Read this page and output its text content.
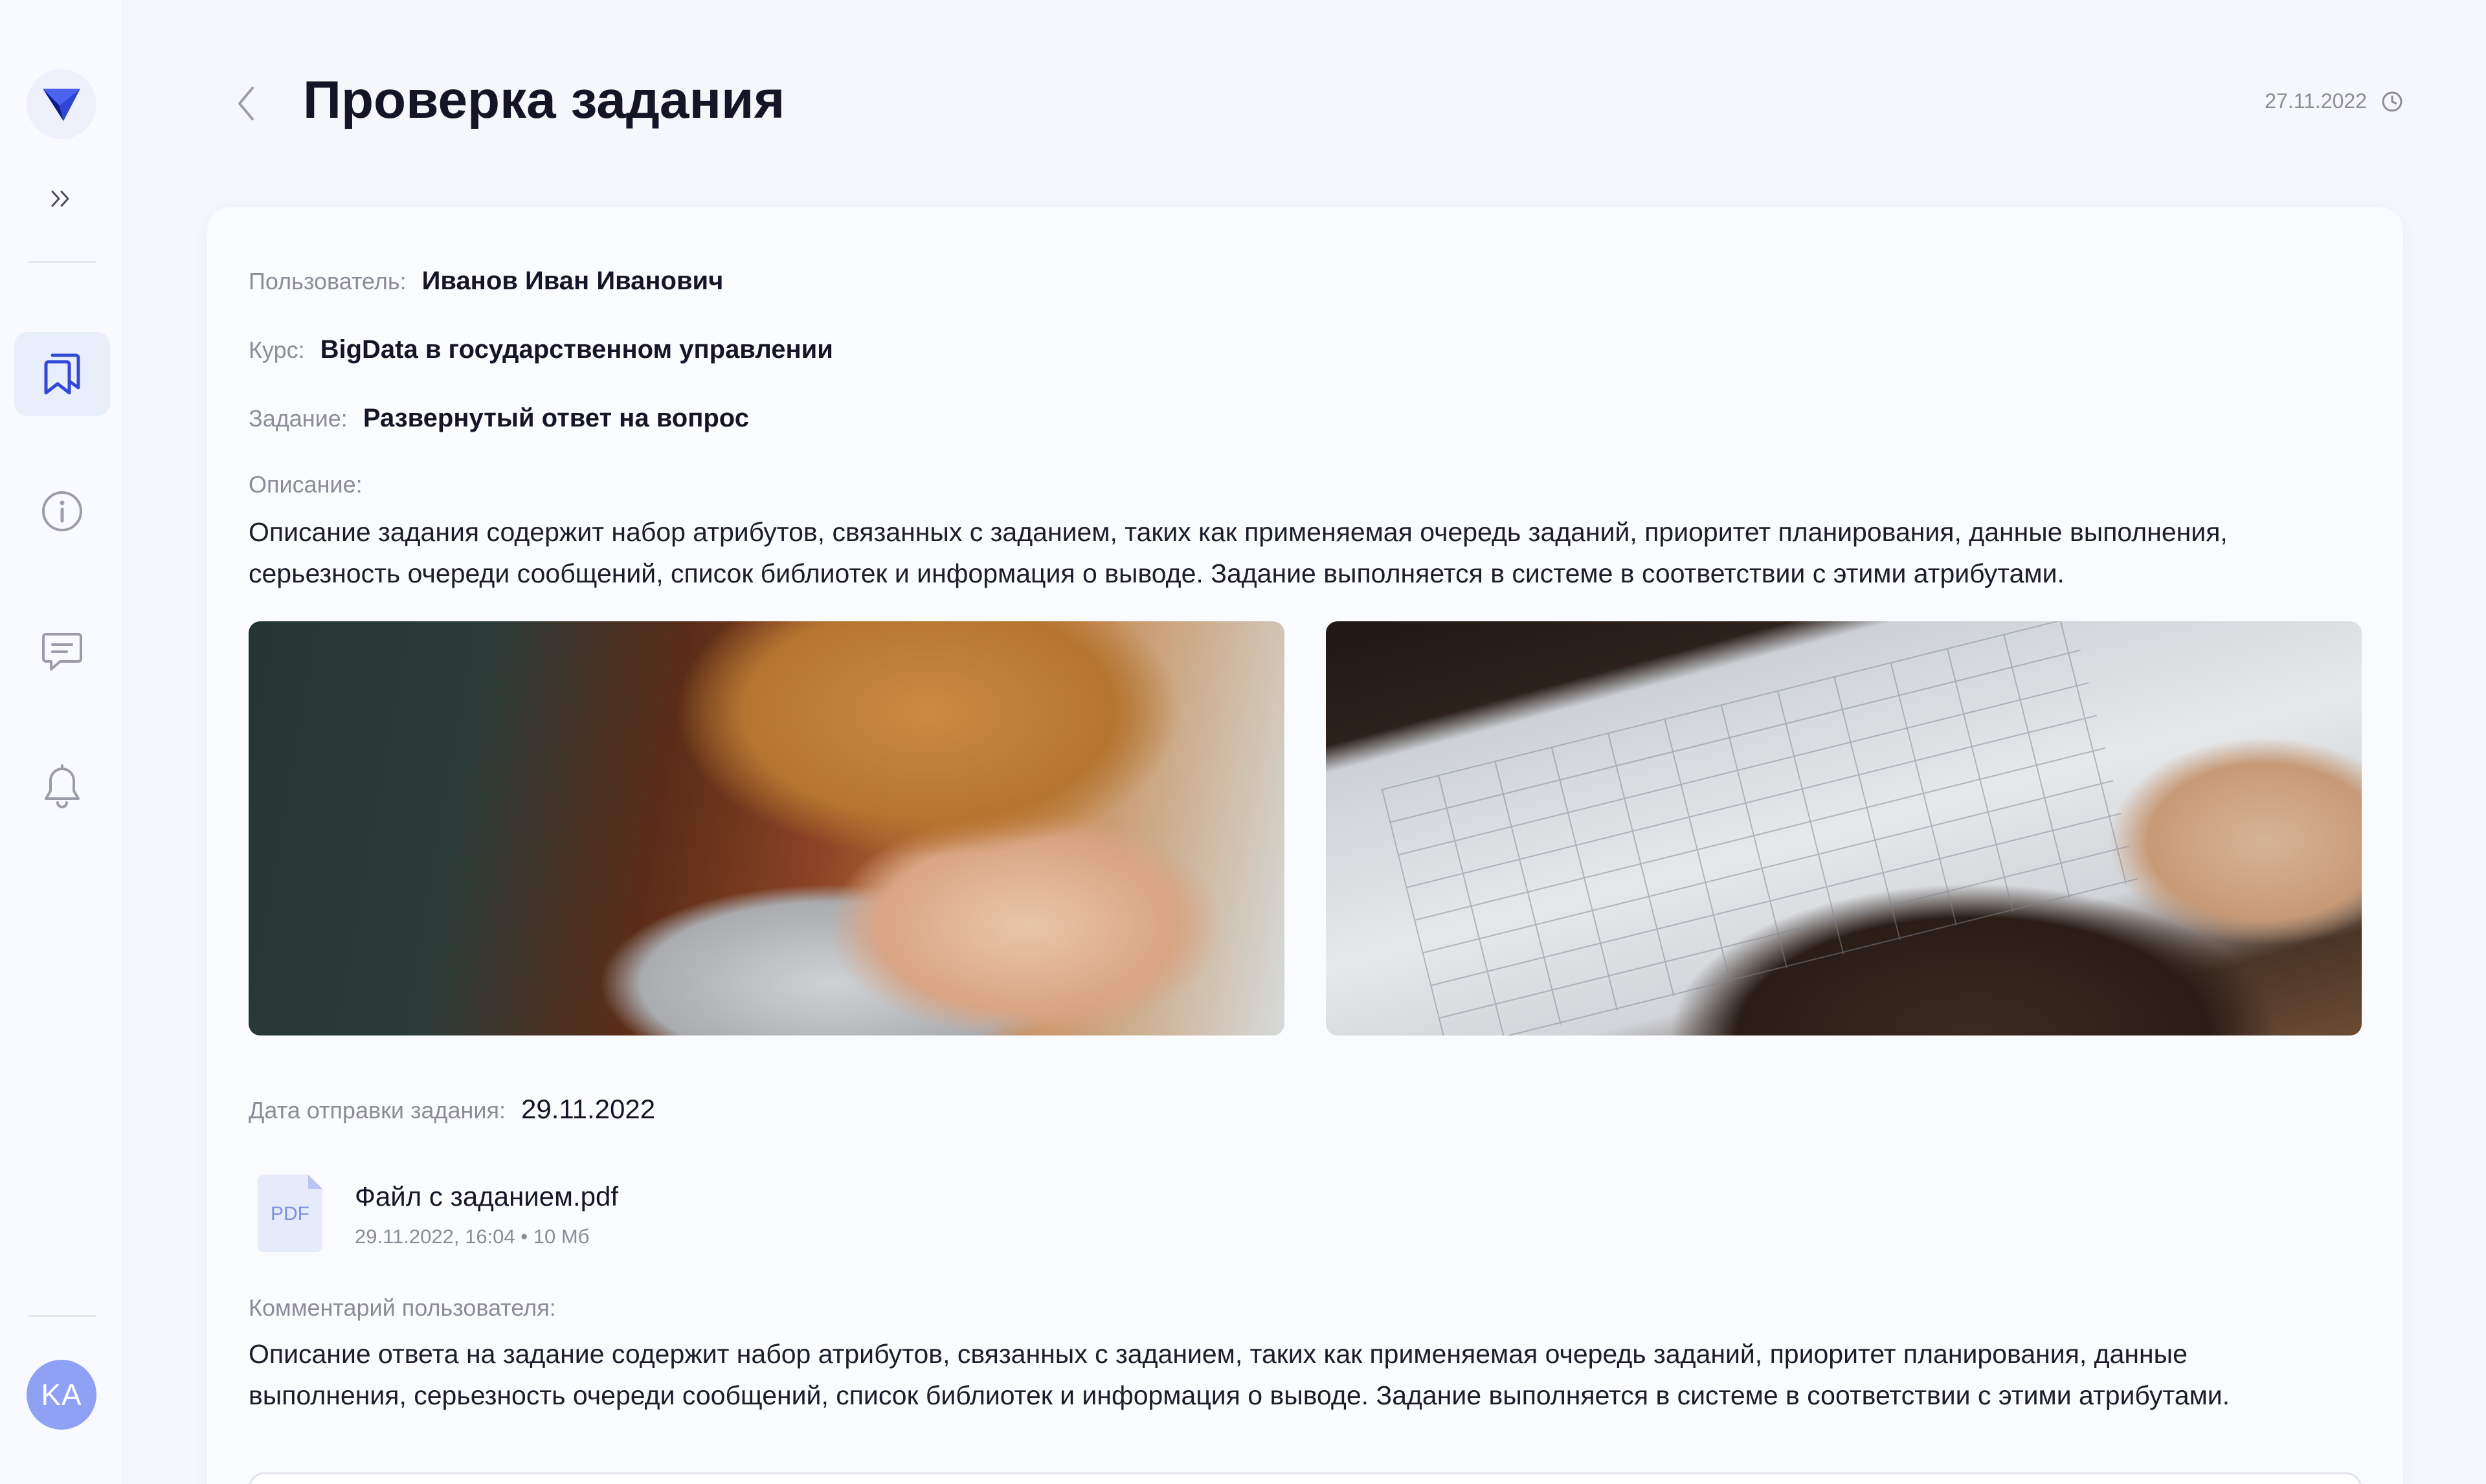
KA
Проверка задания	27.11.2022
Пользователь: Иванов Иван Иванович
Курс: BigData в государственном управлении
Задание: Развернутый ответ на вопрос
Описание:
Описание задания содержит набор атрибутов, связанных с заданием, таких как применяемая очередь заданий, приоритет планирования, данные выполнения,
серьезность очереди сообщений, список библиотек и информация о выводе. Задание выполняется в системе в соответствии с этими атрибутами.
Дата отправки задания: 29.11.2022
PDF
Файл с заданием.pdf
29.11.2022, 16:04 • 10 Мб
Комментарий пользователя:
Описание ответа на задание содержит набор атрибутов, связанных с заданием, таких как применяемая очередь заданий, приоритет планирования, данные
выполнения, серьезность очереди сообщений, список библиотек и информация о выводе. Задание выполняется в системе в соответствии с этими атрибутами.
